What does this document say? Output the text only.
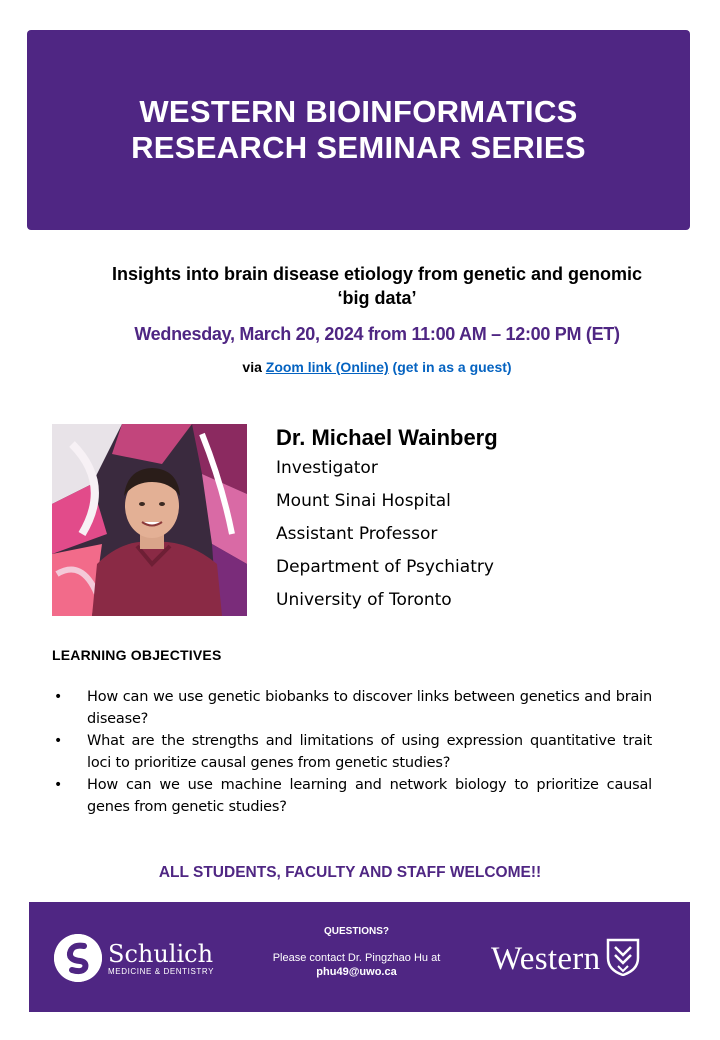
WESTERN BIOINFORMATICS
RESEARCH SEMINAR SERIES
Insights into brain disease etiology from genetic and genomic
‘big data’
Wednesday, March 20, 2024 from 11:00 AM – 12:00 PM (ET)
via Zoom link (Online) (get in as a guest)
Dr. Michael Wainberg
Investigator
Mount Sinai Hospital
Assistant Professor
Department of Psychiatry
University of Toronto
LEARNING OBJECTIVES
• How can we use genetic biobanks to discover links between genetics and brain disease?
• What are the strengths and limitations of using expression quantitative trait loci to prioritize causal genes from genetic studies?
• How can we use machine learning and network biology to prioritize causal genes from genetic studies?
ALL STUDENTS, FACULTY AND STAFF WELCOME!!
Schulich
MEDICINE & DENTISTRY
QUESTIONS?
Please contact Dr. Pingzhao Hu at
phu49@uwo.ca	Western
